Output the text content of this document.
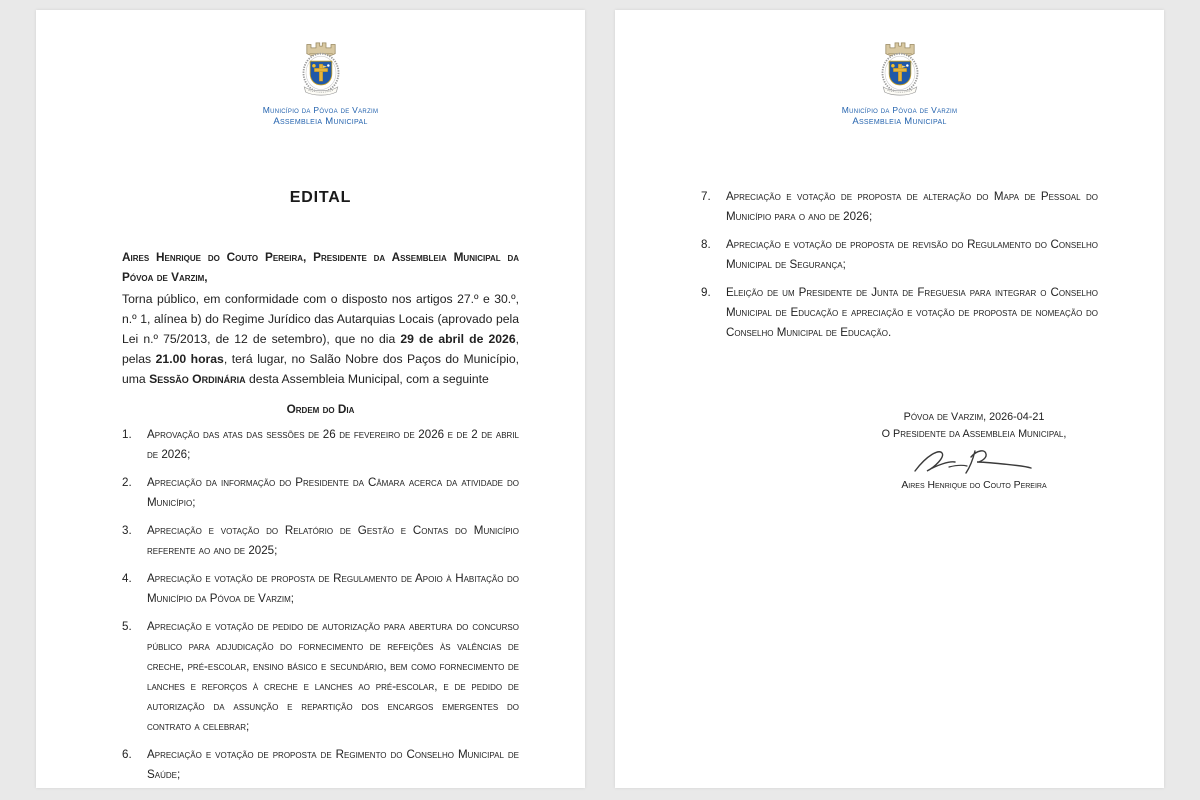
Município da Póvoa de Varzim
Assembleia Municipal
EDITAL
Aires Henrique do Couto Pereira, Presidente da Assembleia Municipal da Póvoa de Varzim,
Torna público, em conformidade com o disposto nos artigos 27.º e 30.º, n.º 1, alínea b) do Regime Jurídico das Autarquias Locais (aprovado pela Lei n.º 75/2013, de 12 de setembro), que no dia 29 de abril de 2026, pelas 21.00 horas, terá lugar, no Salão Nobre dos Paços do Município, uma Sessão Ordinária desta Assembleia Municipal, com a seguinte
Ordem do Dia
1.	Aprovação das atas das sessões de 26 de fevereiro de 2026 e de 2 de abril de 2026;
2.	Apreciação da informação do Presidente da Câmara acerca da atividade do Município;
3.	Apreciação e votação do Relatório de Gestão e Contas do Município referente ao ano de 2025;
4.	Apreciação e votação de proposta de Regulamento de Apoio à Habitação do Município da Póvoa de Varzim;
5.	Apreciação e votação de pedido de autorização para abertura do concurso público para adjudicação do fornecimento de refeições às valências de creche, pré-escolar, ensino básico e secundário, bem como fornecimento de lanches e reforços à creche e lanches ao pré-escolar, e de pedido de autorização da assunção e repartição dos encargos emergentes do contrato a celebrar;
6.	Apreciação e votação de proposta de Regimento do Conselho Municipal de Saúde;
Município da Póvoa de Varzim
Assembleia Municipal
7.	Apreciação e votação de proposta de alteração do Mapa de Pessoal do Município para o ano de 2026;
8.	Apreciação e votação de proposta de revisão do Regulamento do Conselho Municipal de Segurança;
9.	Eleição de um Presidente de Junta de Freguesia para integrar o Conselho Municipal de Educação e apreciação e votação de proposta de nomeação do Conselho Municipal de Educação.
Póvoa de Varzim, 2026-04-21
O Presidente da Assembleia Municipal,
Aires Henrique do Couto Pereira
